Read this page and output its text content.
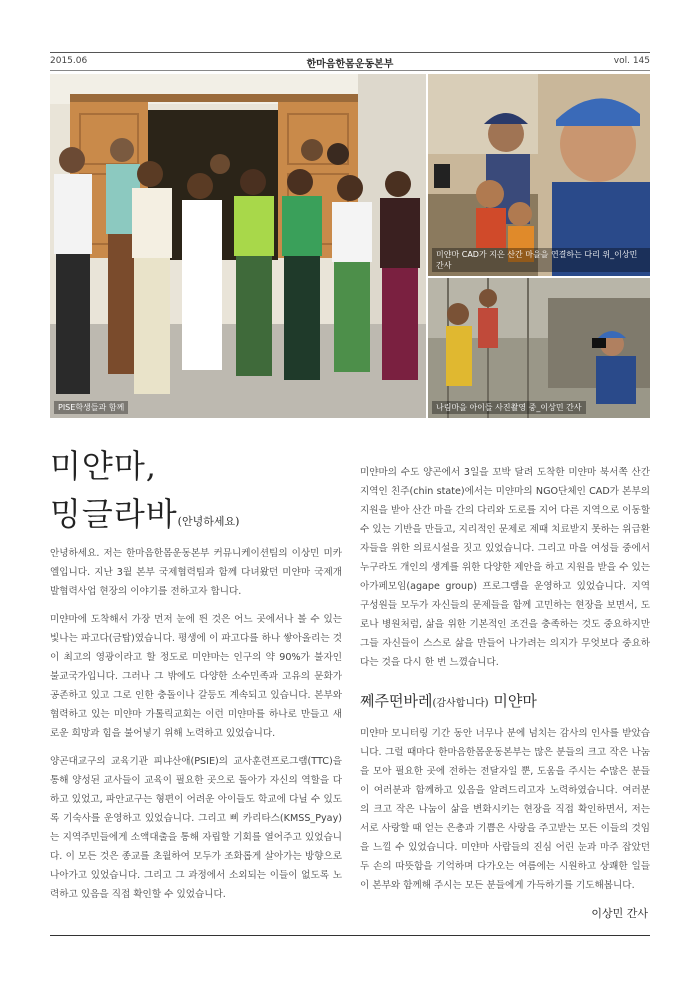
2015.06	한마음한몸운동본부	vol. 145
PISE학생들과 함께
미얀마 CAD가 지은 산간 마을을 연결하는 다리 위_이상민 간사
나림마을 아이들 사진촬영 중_이상민 간사
미얀마,
밍글라바(안녕하세요)

안녕하세요. 저는 한마음한몸운동본부 커뮤니케이션팀의 이상민 미카엘입니다. 지난 3월 본부 국제협력팀과 함께 다녀왔던 미얀마 국제개발협력사업 현장의 이야기를 전하고자 합니다.

미얀마에 도착해서 가장 먼저 눈에 띈 것은 어느 곳에서나 볼 수 있는 빛나는 파고다(금탑)였습니다. 평생에 이 파고다를 하나 쌓아올리는 것이 최고의 영광이라고 할 정도로 미얀마는 인구의 약 90%가 불자인 불교국가입니다. 그러나 그 밖에도 다양한 소수민족과 고유의 문화가 공존하고 있고 그로 인한 충돌이나 갈등도 계속되고 있습니다. 본부와 협력하고 있는 미얀마 가톨릭교회는 이런 미얀마를 하나로 만들고 새로운 희망과 힘을 불어넣기 위해 노력하고 있었습니다.

양곤대교구의 교육기관 피냐산애(PSIE)의 교사훈련프로그램(TTC)을 통해 양성된 교사들이 교육이 필요한 곳으로 돌아가 자신의 역할을 다하고 있었고, 파안교구는 형편이 어려운 아이들도 학교에 다닐 수 있도록 기숙사를 운영하고 있었습니다. 그리고 삐 카리타스(KMSS_Pyay)는 지역주민들에게 소액대출을 통해 자립할 기회를 열어주고 있었습니다. 이 모든 것은 종교를 초월하여 모두가 조화롭게 살아가는 방향으로 나아가고 있었습니다. 그리고 그 과정에서 소외되는 이들이 없도록 노력하고 있음을 직접 확인할 수 있었습니다.

미얀마의 수도 양곤에서 3일을 꼬박 달려 도착한 미얀마 북서쪽 산간지역인 친주(chin state)에서는 미얀마의 NGO단체인 CAD가 본부의 지원을 받아 산간 마을 간의 다리와 도로를 지어 다른 지역으로 이동할 수 있는 기반을 만들고, 지리적인 문제로 제때 치료받지 못하는 위급환자들을 위한 의료시설을 짓고 있었습니다. 그리고 마을 여성들 중에서 누구라도 개인의 생계를 위한 다양한 제안을 하고 지원을 받을 수 있는 아가페모임(agape group) 프로그램을 운영하고 있었습니다. 지역 구성원들 모두가 자신들의 문제들을 함께 고민하는 현장을 보면서, 도로나 병원처럼, 삶을 위한 기본적인 조건을 충족하는 것도 중요하지만 그들 자신들이 스스로 삶을 만들어 나가려는 의지가 무엇보다 중요하다는 것을 다시 한 번 느꼈습니다.

쩨주떤바레(감사합니다) 미얀마

미얀마 모니터링 기간 동안 너무나 분에 넘치는 감사의 인사를 받았습니다. 그럴 때마다 한마음한몸운동본부는 많은 분들의 크고 작은 나눔을 모아 필요한 곳에 전하는 전달자일 뿐, 도움을 주시는 수많은 분들이 여러분과 함께하고 있음을 알려드리고자 노력하였습니다. 여러분의 크고 작은 나눔이 삶을 변화시키는 현장을 직접 확인하면서, 저는 서로 사랑할 때 얻는 은총과 기쁨은 사랑을 주고받는 모든 이들의 것임을 느낄 수 있었습니다. 미얀마 사람들의 진심 어린 눈과 마주 잡았던 두 손의 따뜻함을 기억하며 다가오는 여름에는 시원하고 상쾌한 일들이 본부와 함께해 주시는 모든 분들에게 가득하기를 기도해봅니다.

이상민 간사
